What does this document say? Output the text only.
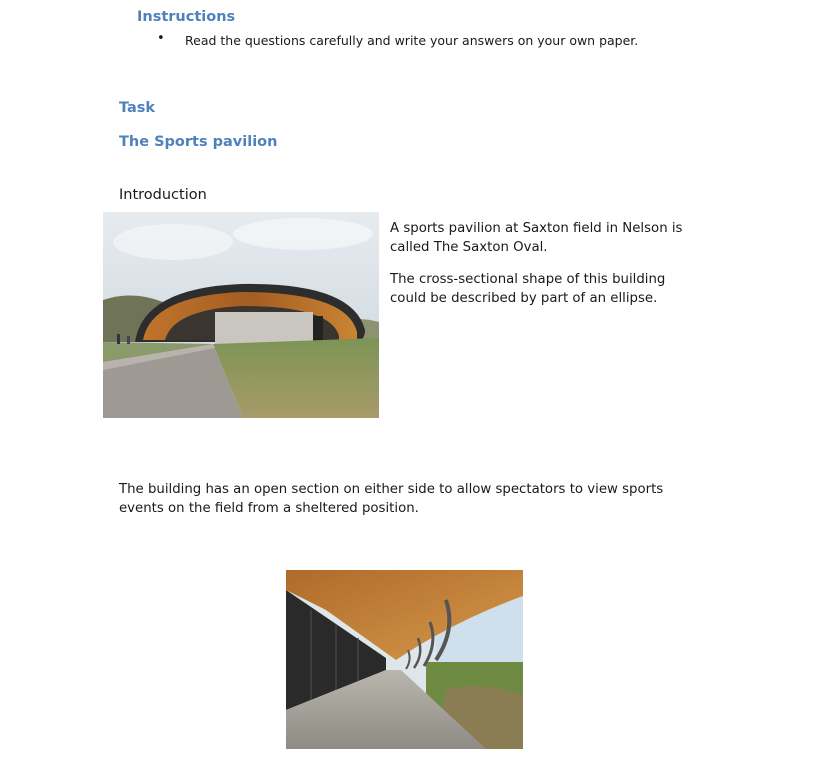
Instructions
• Read the questions carefully and write your answers on your own paper.
Task
The Sports pavilion
Introduction
A sports pavilion at Saxton field in Nelson is called The Saxton Oval.
The cross-sectional shape of this building could be described by part of an ellipse.
The building has an open section on either side to allow spectators to view sports events on the field from a sheltered position.
